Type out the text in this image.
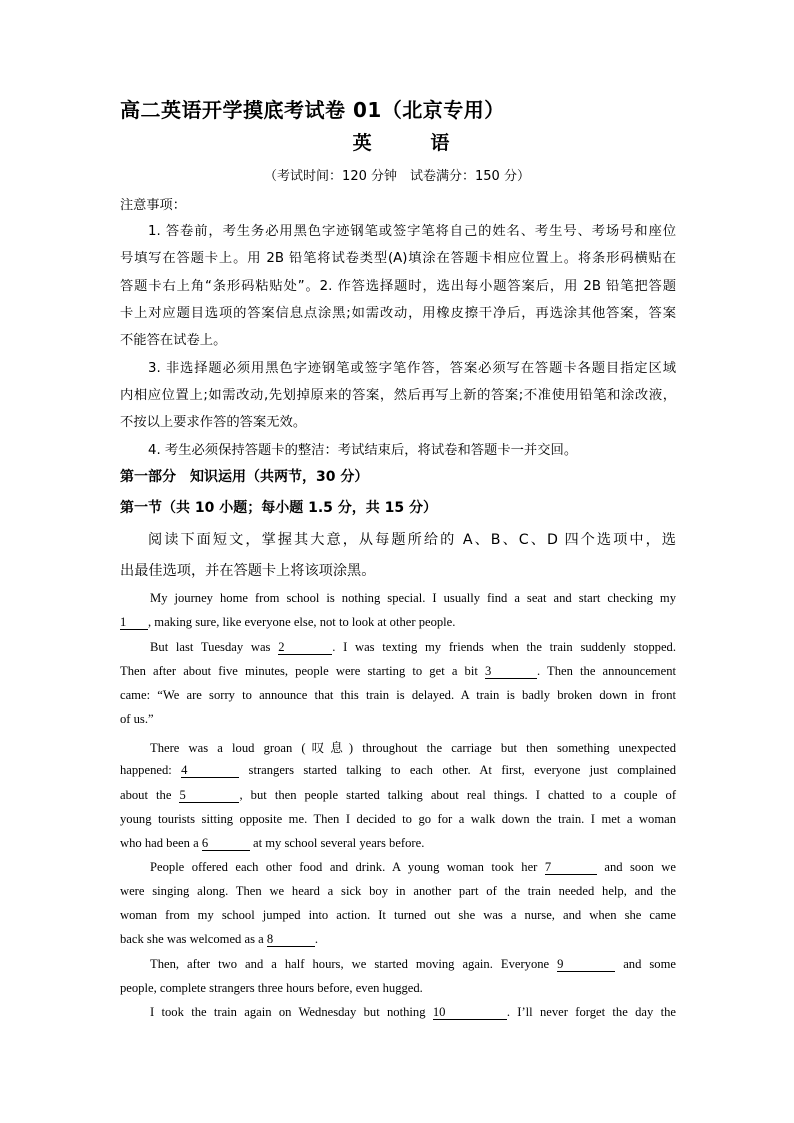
高二英语开学摸底考试卷 01（北京专用）
英	语
（考试时间：120 分钟　试卷满分：150 分）
注意事项：
1. 答卷前，考生务必用黑色字迹钢笔或签字笔将自己的姓名、考生号、考场号和座位
号填写在答题卡上。用 2B 铅笔将试卷类型(A)填涂在答题卡相应位置上。将条形码横贴在
答题卡右上角“条形码粘贴处”。2. 作答选择题时，选出每小题答案后，用 2B 铅笔把答题
卡上对应题目选项的答案信息点涂黑;如需改动，用橡皮擦干净后，再选涂其他答案，答案
不能答在试卷上。
3. 非选择题必须用黑色字迹钢笔或签字笔作答，答案必须写在答题卡各题目指定区域
内相应位置上;如需改动,先划掉原来的答案，然后再写上新的答案;不准使用铅笔和涂改液，
不按以上要求作答的答案无效。
4. 考生必须保持答题卡的整洁：考试结束后，将试卷和答题卡一并交回。
第一部分　知识运用（共两节，30 分）
第一节（共 10 小题；每小题 1.5 分，共 15 分）
阅读下面短文，掌握其大意，从每题所给的 A、B、C、D 四个选项中，选
出最佳选项，并在答题卡上将该项涂黑。
My journey home from school is nothing special. I usually find a seat and start checking my
1 , making sure, like everyone else, not to look at other people.
But last Tuesday was 2	. I was texting my friends when the train suddenly stopped.
Then after about five minutes, people were starting to get a bit 3	. Then the announcement
came: “We are sorry to announce that this train is delayed. A train is badly broken down in front
of us.”
There was a loud groan (叹息) throughout the carriage but then something unexpected
happened: 4	strangers started talking to each other. At first, everyone just complained
about the 5	, but then people started talking about real things. I chatted to a couple of
young tourists sitting opposite me. Then I decided to go for a walk down the train. I met a woman
who had been a 6	at my school several years before.
People offered each other food and drink. A young woman took her 7	and soon we
were singing along. Then we heard a sick boy in another part of the train needed help, and the
woman from my school jumped into action. It turned out she was a nurse, and when she came
back she was welcomed as a 8	.
Then, after two and a half hours, we started moving again. Everyone 9	and some
people, complete strangers three hours before, even hugged.
I took the train again on Wednesday but nothing 10	. I’ll never forget the day the
